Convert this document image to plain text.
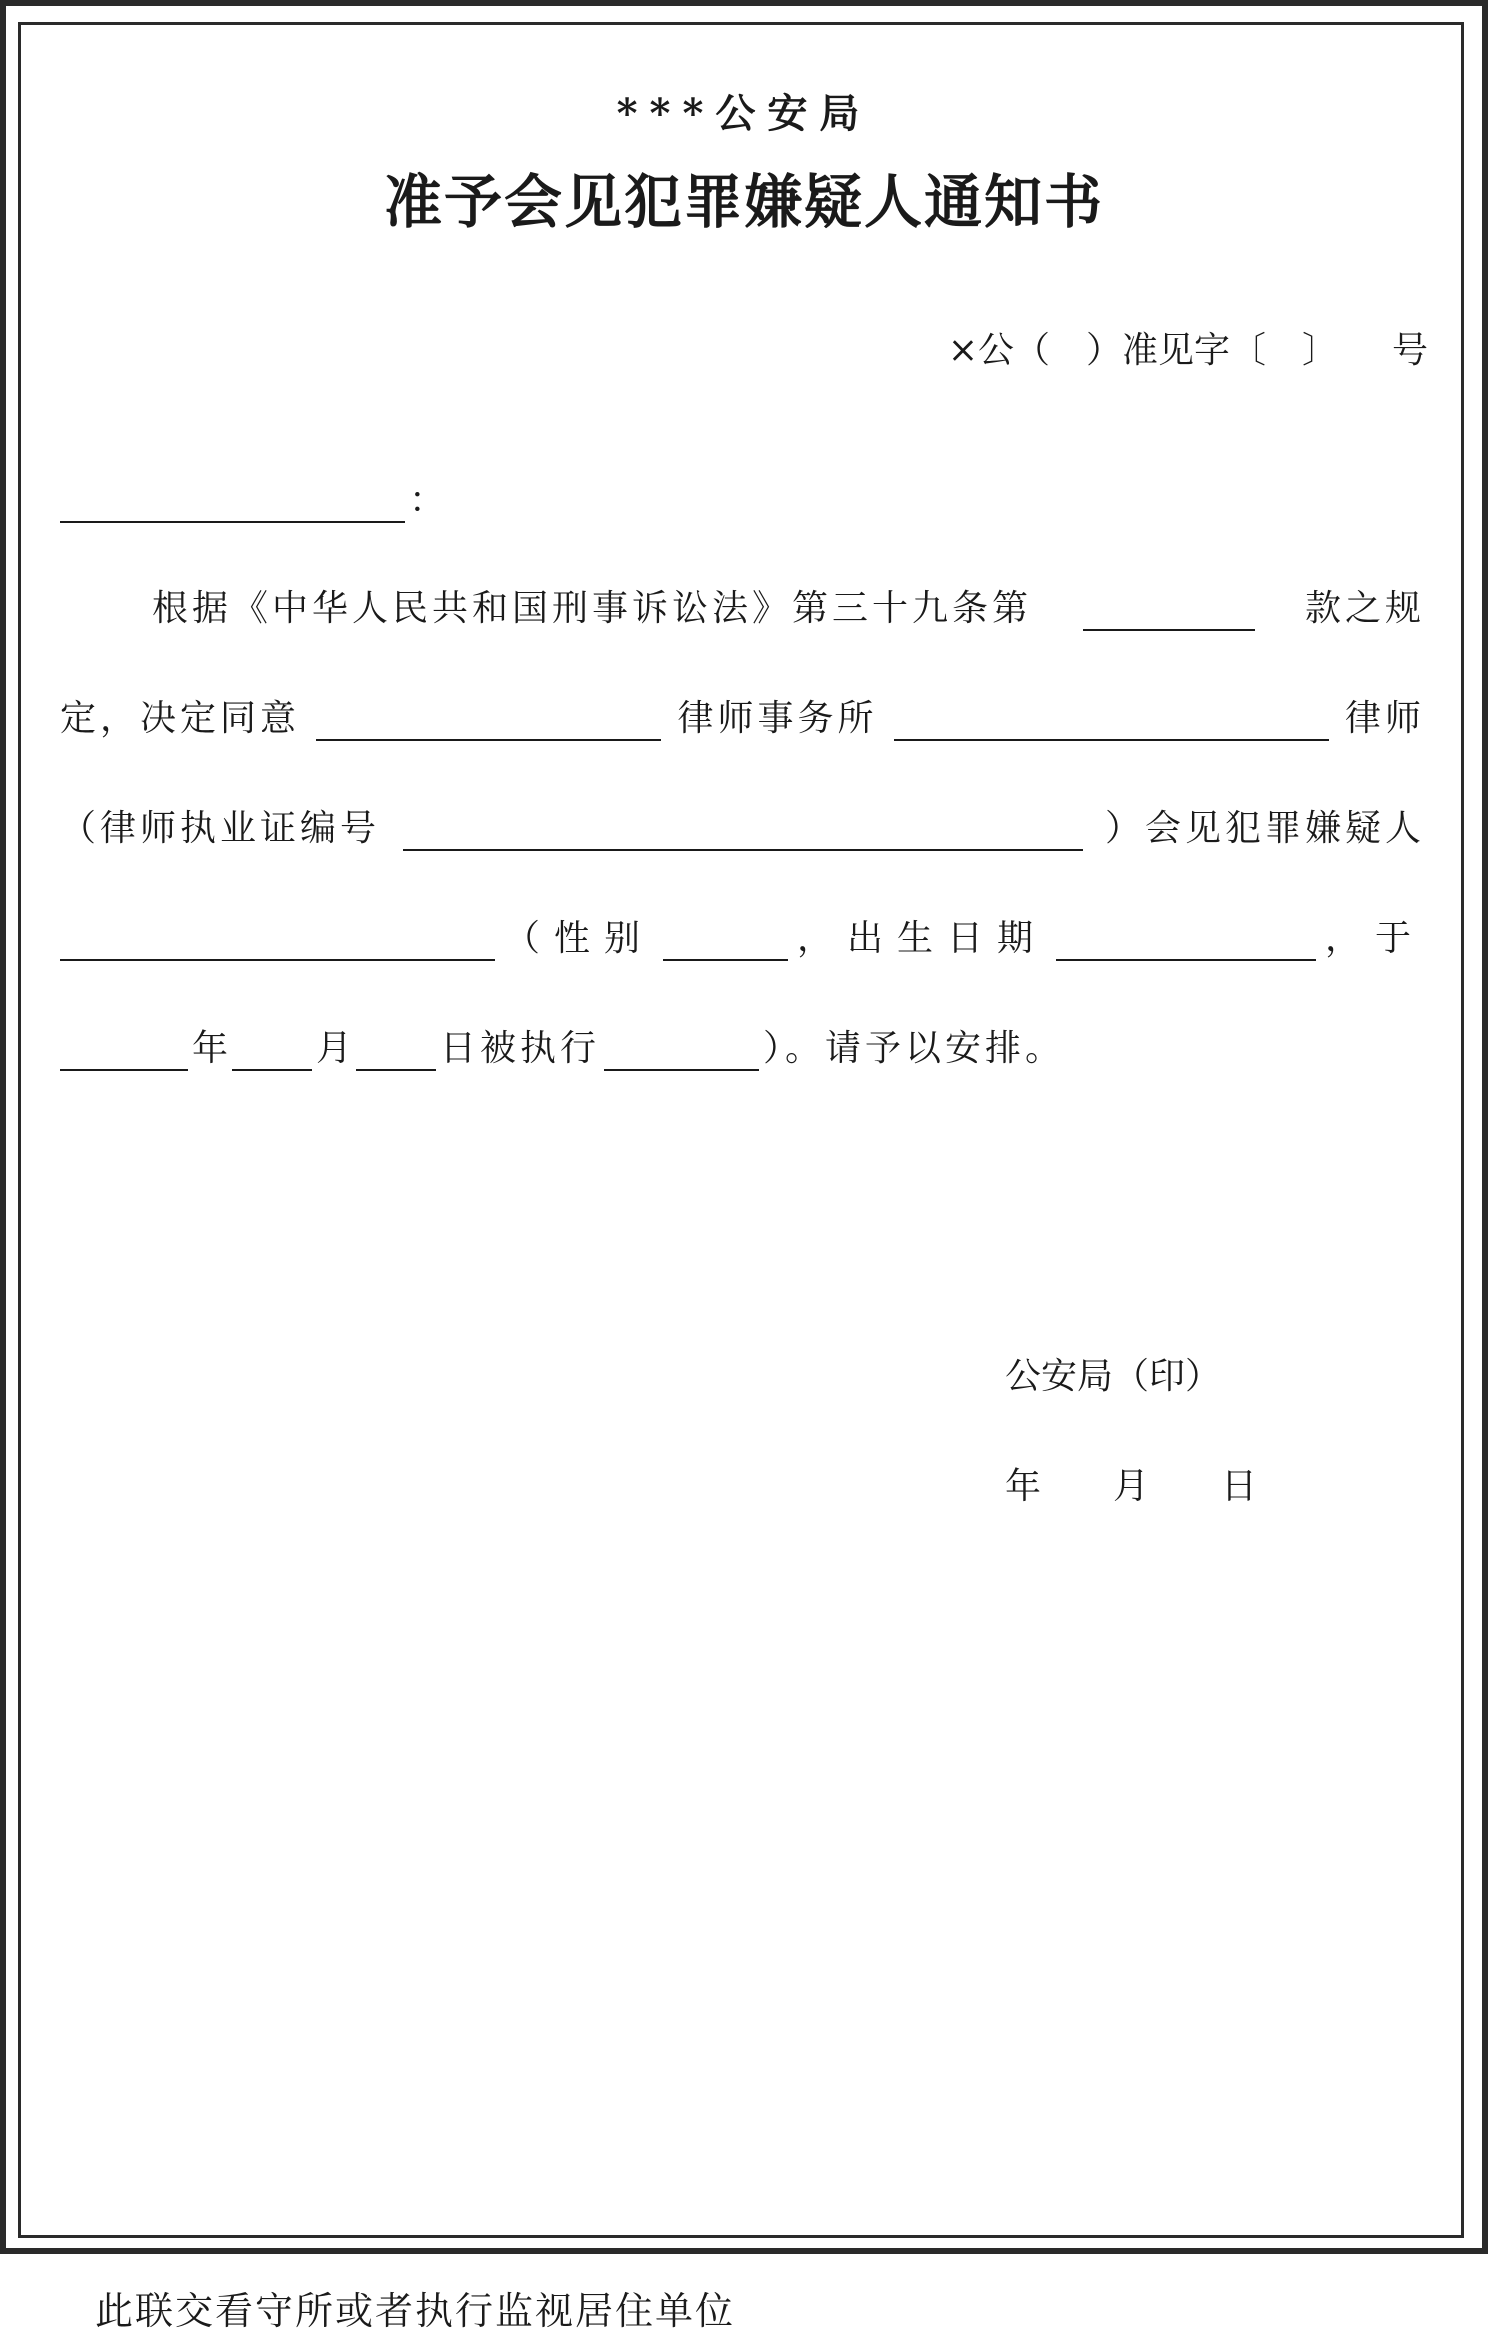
***公安局
准予会见犯罪嫌疑人通知书
×公（　）准见字〔　〕　　号
：
根据《中华人民共和国刑事诉讼法》第三十九条第	款之规
定，决定同意	律师事务所	律师
（律师执业证编号	）会见犯罪嫌疑人
（性别	，出生日期	，于
年 月 日被执行	）。请予以安排。
公安局（印）
年　　月　　日
此联交看守所或者执行监视居住单位
